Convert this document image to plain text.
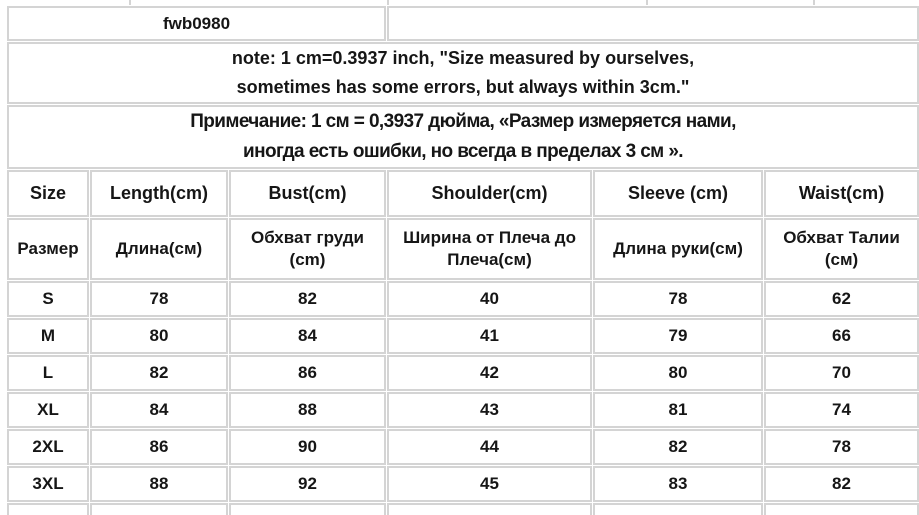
fwb0980					

note: 1 cm=0.3937 inch, "Size measured by ourselves,
sometimes has some errors, but always within 3cm."					

Примечание: 1 см = 0,3937 дюйма, «Размер измеряется нами,
иногда есть ошибки, но всегда в пределах 3 см ».					

Size	Length(cm)	Bust(cm)	Shoulder(cm)	Sleeve (cm)	Waist(cm)
Размер	Длина(см)	Обхват груди (cm)	Ширина от Плеча до Плеча(см)	Длина руки(см)	Обхват Талии (см)
S	78	82	40	78	62
M	80	84	41	79	66
L	82	86	42	80	70
XL	84	88	43	81	74
2XL	86	90	44	82	78
3XL	88	92	45	83	82
